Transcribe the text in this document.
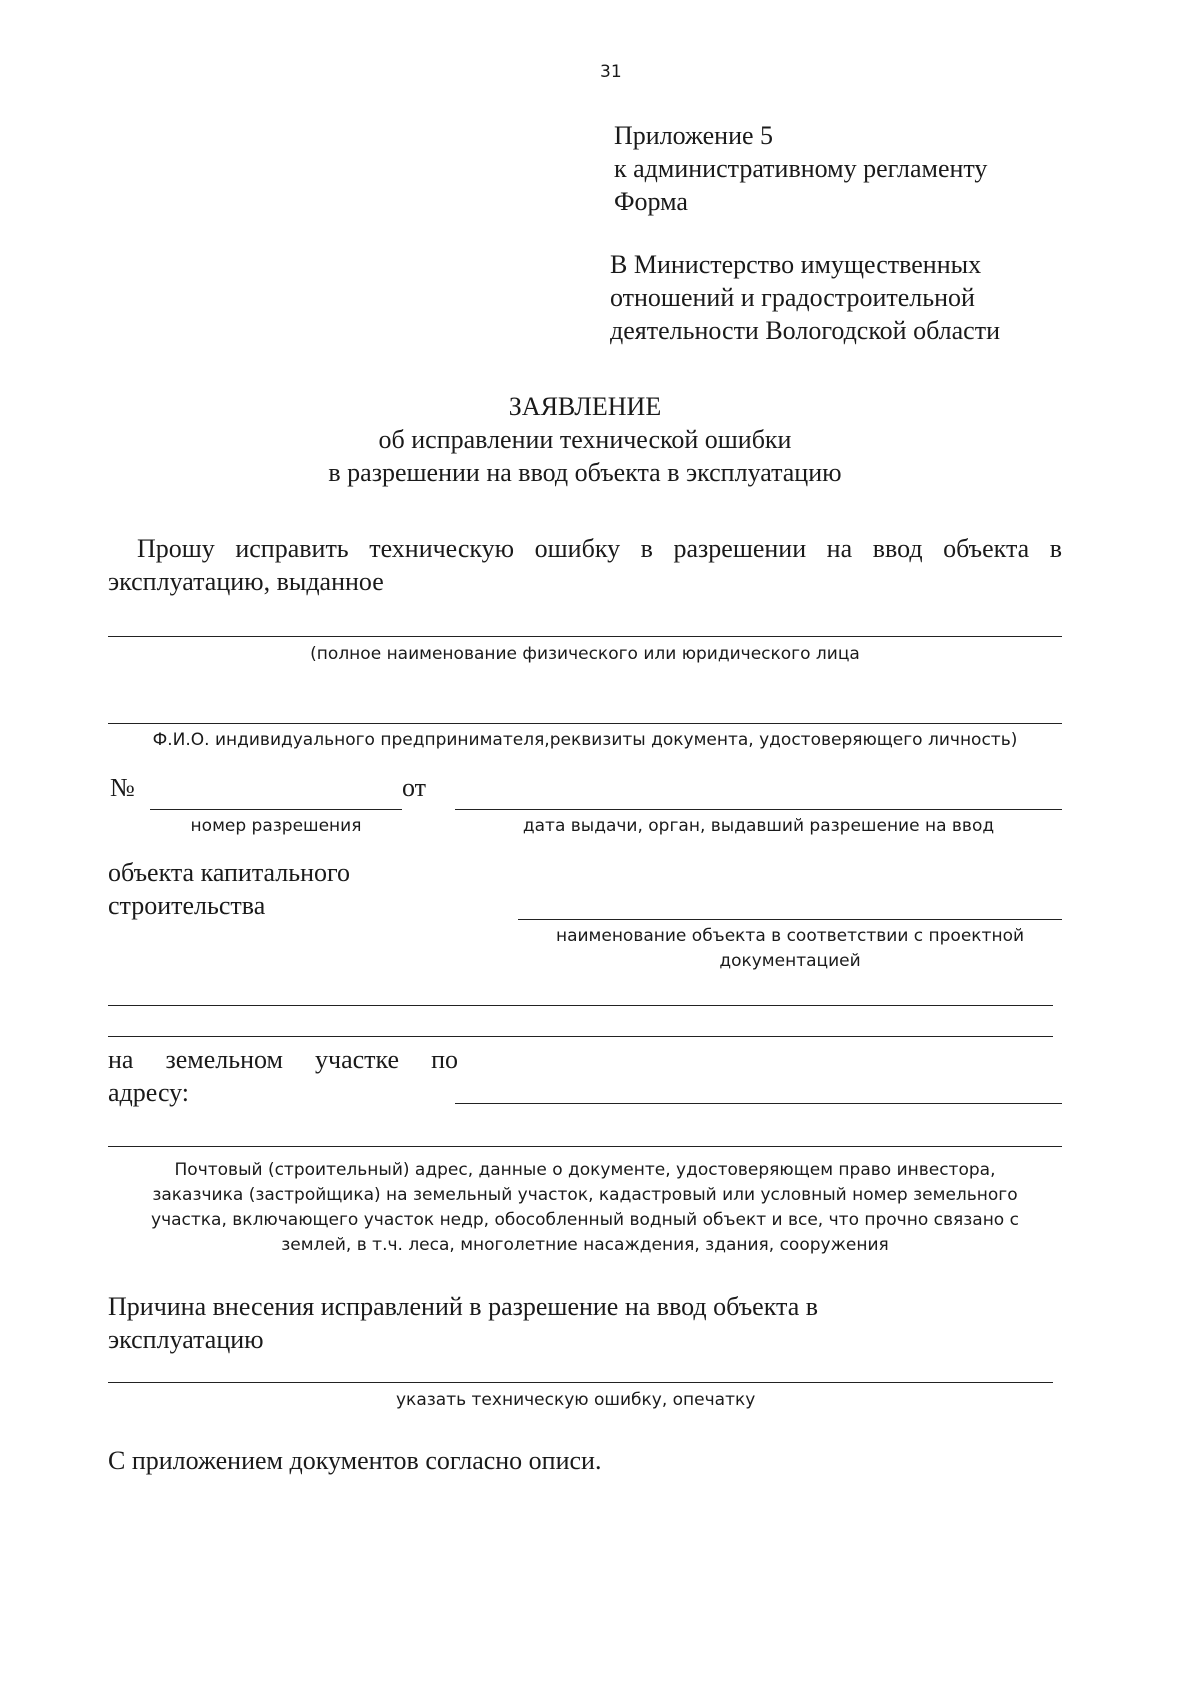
31
Приложение 5
к административному регламенту
Форма
В Министерство имущественных
отношений и градостроительной
деятельности Вологодской области
ЗАЯВЛЕНИЕ
об исправлении технической ошибки
в разрешении на ввод объекта в эксплуатацию
Прошу исправить техническую ошибку в разрешении на ввод объекта в
эксплуатацию, выданное
(полное наименование физического или юридического лица
Ф.И.О. индивидуального предпринимателя,реквизиты документа, удостоверяющего личность)
№	от
номер разрешения	дата выдачи, орган, выдавший разрешение на ввод
объекта капитального
строительства
наименование объекта в соответствии с проектной
документацией
на земельном участке по
адресу:
Почтовый (строительный) адрес, данные о документе, удостоверяющем право инвестора,
заказчика (застройщика) на земельный участок, кадастровый или условный номер земельного
участка, включающего участок недр, обособленный водный объект и все, что прочно связано с
землей, в т.ч. леса, многолетние насаждения, здания, сооружения
Причина внесения исправлений в разрешение на ввод объекта в
эксплуатацию
указать техническую ошибку, опечатку
С приложением документов согласно описи.
